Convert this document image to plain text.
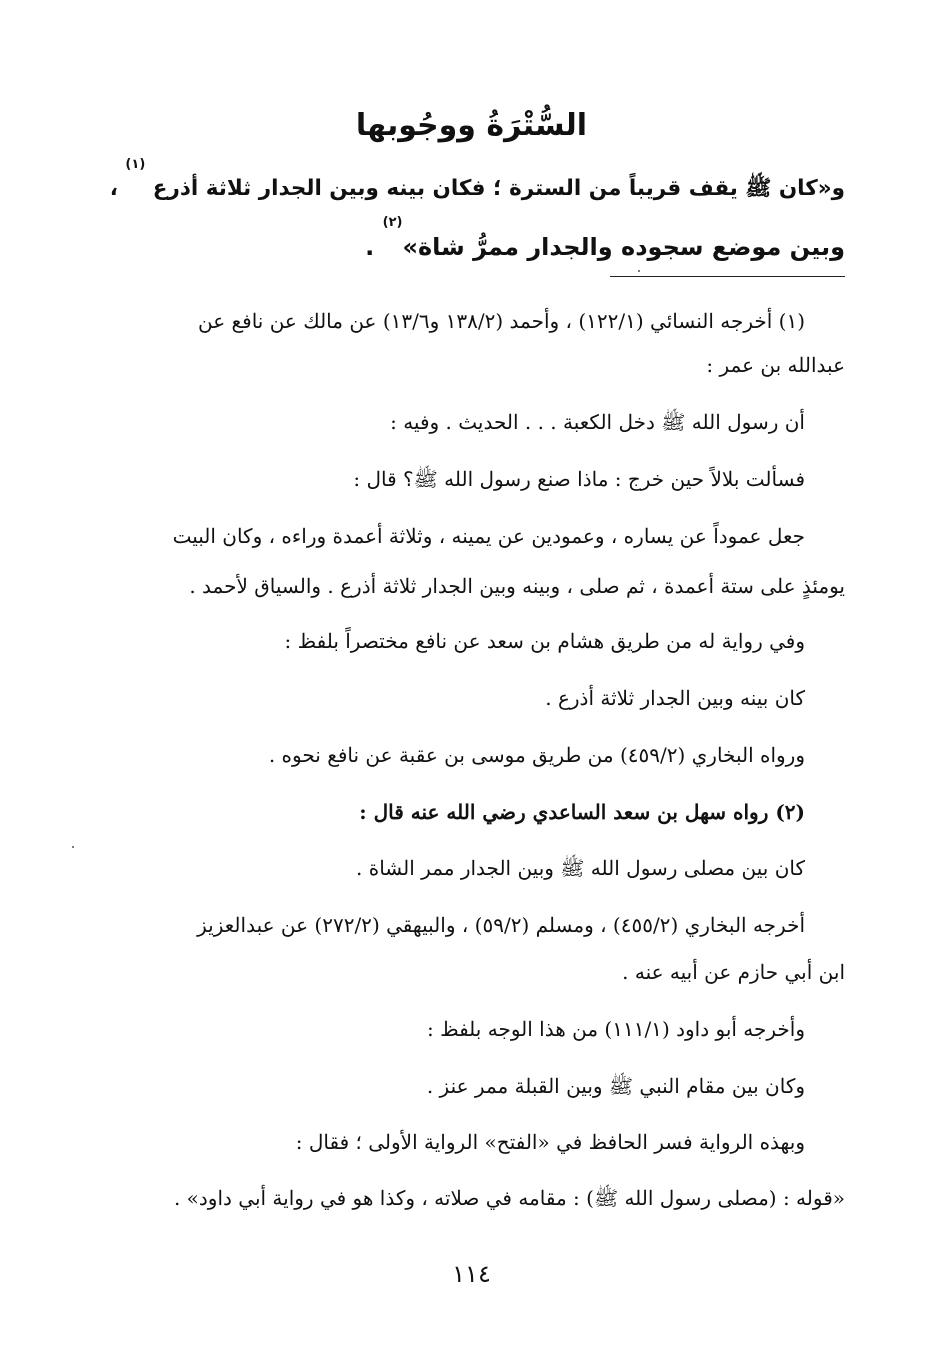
السُّتْرَةُ ووجُوبها
و«كان ﷺ يقف قريباً من السترة ؛ فكان بينه وبين الجدار ثلاثة أذرع $^{(١)}$ ،
وبين موضع سجوده والجدار ممرُّ شاة»$^{(٢)}$ .
(١) أخرجه النسائي (١٢٢/١) ، وأحمد (١٣٨/٢ و١٣/٦) عن مالك عن نافع عن
عبدالله بن عمر :
أن رسول الله ﷺ دخل الكعبة . . . الحديث . وفيه :
فسألت بلالاً حين خرج : ماذا صنع رسول الله ﷺ؟ قال :
جعل عموداً عن يساره ، وعمودين عن يمينه ، وثلاثة أعمدة وراءه ، وكان البيت
يومئذٍ على ستة أعمدة ، ثم صلى ، وبينه وبين الجدار ثلاثة أذرع . والسياق لأحمد .
وفي رواية له من طريق هشام بن سعد عن نافع مختصراً بلفظ :
كان بينه وبين الجدار ثلاثة أذرع .
ورواه البخاري (٤٥٩/٢) من طريق موسى بن عقبة عن نافع نحوه .
(٢) رواه سهل بن سعد الساعدي رضي الله عنه قال :
كان بين مصلى رسول الله ﷺ وبين الجدار ممر الشاة .
أخرجه البخاري (٤٥٥/٢) ، ومسلم (٥٩/٢) ، والبيهقي (٢٧٢/٢) عن عبدالعزيز
ابن أبي حازم عن أبيه عنه .
وأخرجه أبو داود (١١١/١) من هذا الوجه بلفظ :
وكان بين مقام النبي ﷺ وبين القبلة ممر عنز .
وبهذه الرواية فسر الحافظ في «الفتح» الرواية الأولى ؛ فقال :
«قوله : (مصلى رسول الله ﷺ) : مقامه في صلاته ، وكذا هو في رواية أبي داود» .
١١٤
